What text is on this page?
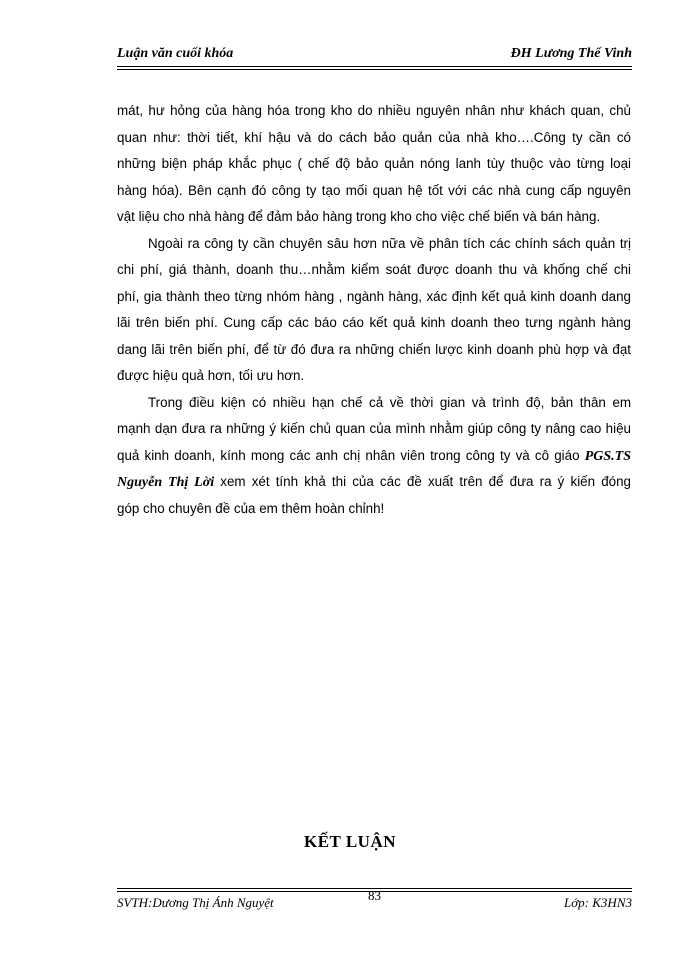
Luận văn cuối khóa	ĐH Lương Thế Vinh
mát, hư hỏng của hàng hóa trong kho do nhiều nguyên nhân như khách quan, chủ
quan như: thời tiết, khí hậu và do cách bảo quản của nhà kho….Công ty cần có
những biện pháp khắc phục ( chế độ bảo quản nóng lanh tùy thuộc vào từng loại
hàng hóa). Bên cạnh đó công ty tạo mối quan hệ tốt với các nhà cung cấp nguyên
vật liệu cho nhà hàng để đảm bảo hàng trong kho cho việc chế biến và bán hàng.
Ngoài ra công ty cần chuyên sâu hơn nữa về phân tích các chính sách quản trị
chi phí, giá thành, doanh thu…nhằm kiểm soát được doanh thu và khống chế chi
phí, gia thành theo từng nhóm hàng , ngành hàng, xác định kết quả kinh doanh dang
lãi trên biến phí. Cung cấp các báo cáo kết quả kinh doanh theo tưng ngành hàng
dang lãi trên biến phí, để từ đó đưa ra những chiến lược kinh doanh phù hợp và đạt
được hiệu quả hơn, tối ưu hơn.
Trong điều kiện có nhiều hạn chế cả về thời gian và trình độ, bản thân em
mạnh dạn đưa ra những ý kiến chủ quan của mình nhằm giúp công ty nâng cao hiệu
quả kinh doanh, kính mong các anh chị nhân viên trong công ty và cô giáo PGS.TS
Nguyễn Thị Lời xem xét tính khả thi của các đề xuất trên để đưa ra ý kiến đóng
góp cho chuyên đề của em thêm hoàn chỉnh!
KẾT LUẬN
SVTH:Dương Thị Ánh Nguyệt	83	Lớp: K3HN3
